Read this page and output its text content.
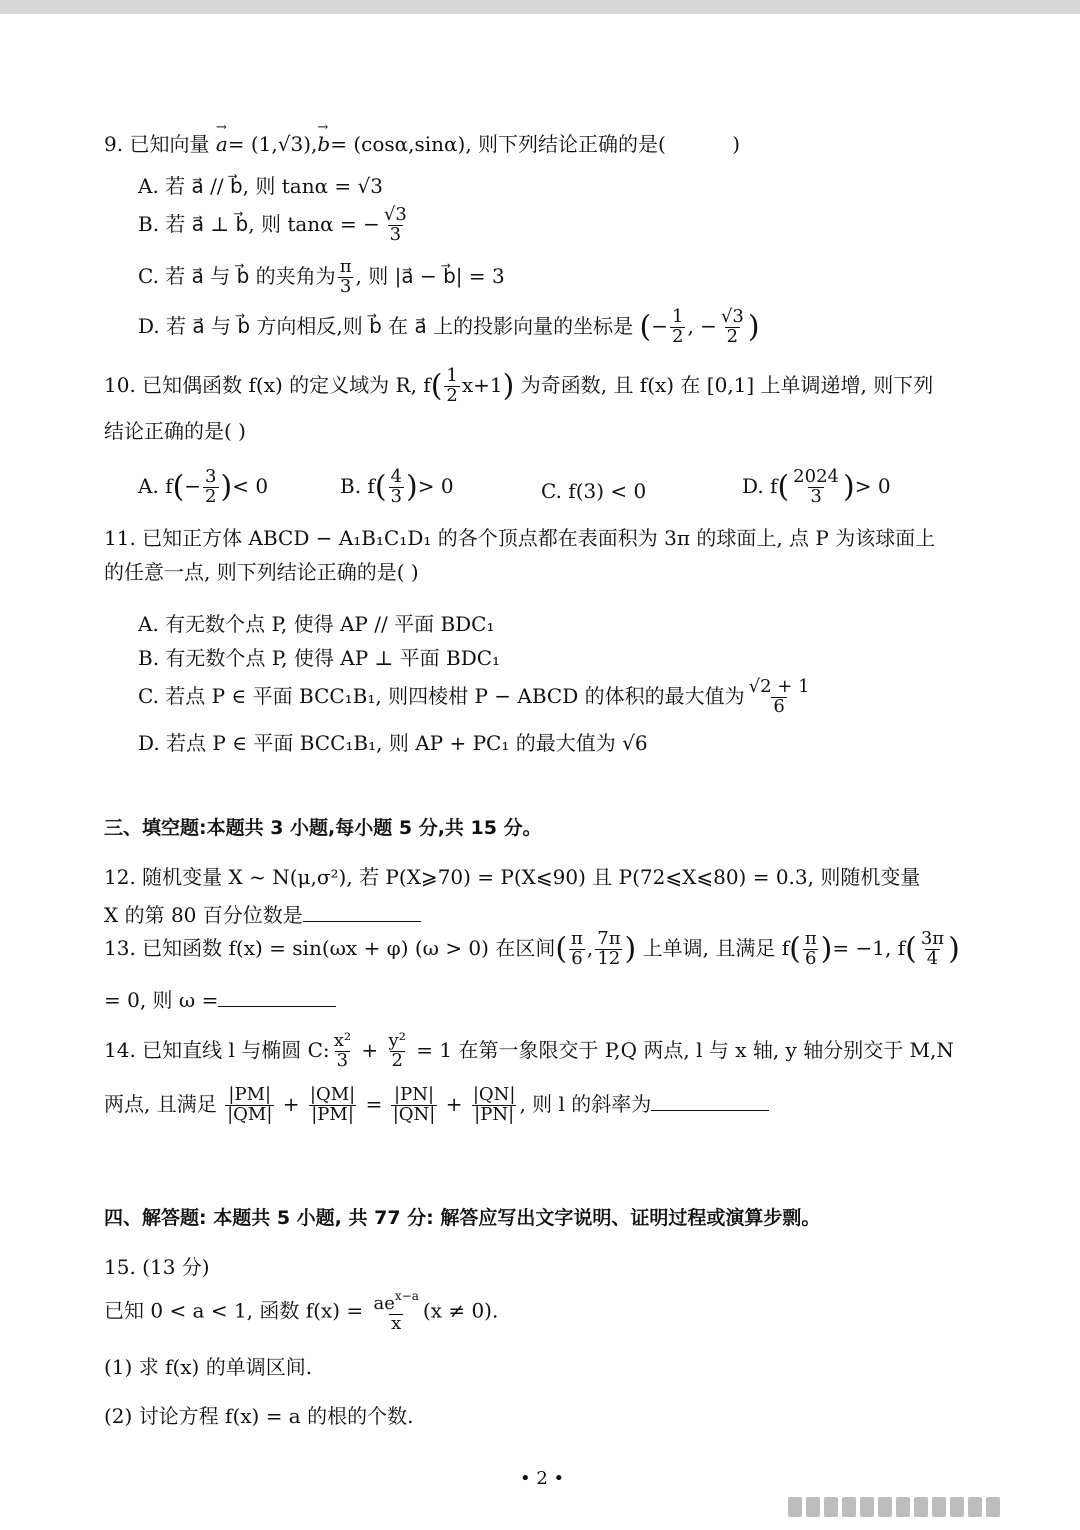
9. 已知向量 → a= (1,√3),→ b= (cosα,sinα), 则下列结论正确的是(	)
A. 若 a⃗ // b⃗, 则 tanα = √3
B. 若 a⃗ ⊥ b⃗, 则 tanα = − $\frac{√3}{3}$
C. 若 a⃗ 与 b⃗ 的夹角为 $\frac{\pi}{3}$ , 则 |a⃗ − b⃗| = 3
D. 若 a⃗ 与 b⃗ 方向相反,则 b⃗ 在 a⃗ 上的投影向量的坐标是 (− $\frac{1}{2}$ , − $\frac{√3}{2}$ )
10. 已知偶函数 f(x) 的定义域为 R, $f( \frac{1}{2} x+1)$ 为奇函数, 且 f(x) 在 [0,1] 上单调递增, 则下列
结论正确的是( )
A. $f(- \frac{3}{2}$ )< 0	B. $f( \frac{4}{3}$ )> 0	C. f(3) < 0	D. $f( \frac{2024}{3}$ )> 0
11. 已知正方体 ABCD − A₁B₁C₁D₁ 的各个顶点都在表面积为 3π 的球面上, 点 P 为该球面上
的任意一点, 则下列结论正确的是( )
A. 有无数个点 P, 使得 AP // 平面 BDC₁
B. 有无数个点 P, 使得 AP ⊥ 平面 BDC₁
C. 若点 P ∈ 平面 BCC₁B₁, 则四棱柑 P − ABCD 的体积的最大值为 $\frac{√2 + 1}{6}$
D. 若点 P ∈ 平面 BCC₁B₁, 则 AP + PC₁ 的最大值为 √6
三、填空题:本题共 3 小题,每小题 5 分,共 15 分。
12. 随机变量 X ~ N(μ,σ²), 若 P(X⩾70) = P(X⩽90) 且 P(72⩽X⩽80) = 0.3, 则随机变量
X 的第 80 百分位数是
13. 已知函数 f(x) = sin(ωx + φ) (ω > 0) 在区间( $\frac{\pi}{6}$ , $\frac{7\pi}{12}$ ) 上单调, 且满足 $f( \frac{\pi}{6}$ )= −1, $f( \frac{3\pi}{4}$ )
= 0, 则 ω =
14. 已知直线 l 与椭圆 C: $\frac{\text{x²}}{3} + \frac{\text{y²}}{2} = 1$ 在第一象限交于 P,Q 两点, l 与 x 轴, y 轴分别交于 M,N
两点, 且满足 $\frac{|PM|}{|QM|} + \frac{|QM|}{|PM|} = \frac{|PN|}{|QN|} + \frac{|QN|}{|PN|}$ , 则 l 的斜率为
四、解答题: 本题共 5 小题, 共 77 分: 解答应写出文字说明、证明过程或演算步剽。
15. (13 分)
已知 0 < a < 1, 函数 $f(x) = \frac{ae^{x-a}}{x} (x \ne 0)$.
(1) 求 f(x) 的单调区间.
(2) 讨论方程 f(x) = a 的根的个数.
• 2 •
